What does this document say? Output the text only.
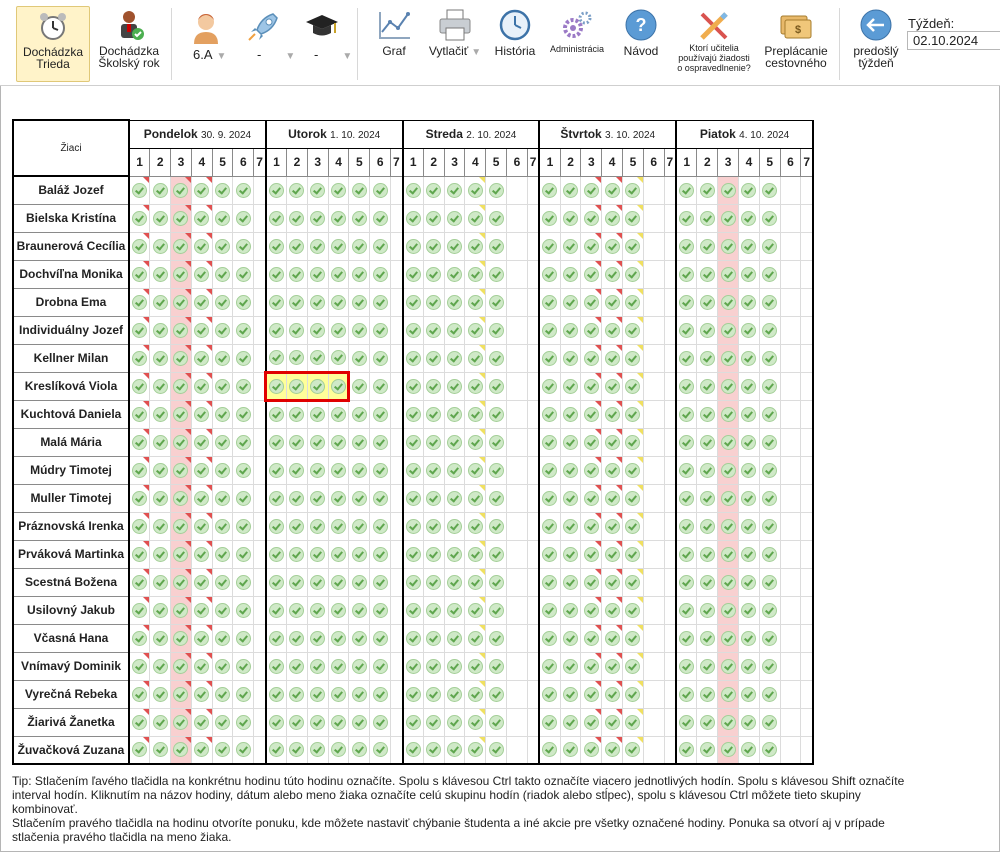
Dochádzka
Trieda
Dochádzka
Školský rok
6.A ▼ - ▼ - ▼	Graf	Vytlačiť ▼ História	Administrácia
?
Návod	Ktorí učitelia
používajú žiadosti
o ospravedlnenie?
$
Preplácanie
cestovného
predošlý
týždeň
Týždeň:
02.10.2024
Žiaci	Pondelok 30. 9. 2024							Utorok 1. 10. 2024							Streda 2. 10. 2024							Štvrtok 3. 10. 2024							Piatok 4. 10. 2024						
	1	2	3	4	5	6	7	1	2	3	4	5	6	7	1	2	3	4	5	6	7	1	2	3	4	5	6	7	1	2	3	4	5	6	7
Baláž Jozef	

Bielska Kristína	

Braunerová Cecília	

Dochvíľna Monika	

Drobna Ema	

Individuálny Jozef	

Kellner Milan	

Kreslíková Viola	

Kuchtová Daniela	

Malá Mária	

Múdry Timotej	

Muller Timotej	

Práznovská Irenka	

Prváková Martinka	

Scestná Božena	

Usilovný Jakub	

Včasná Hana	

Vnímavý Dominik	

Vyrečná Rebeka	

Žiarivá Žanetka	

Žuvačková Zuzana	

Tip: Stlačením ľavého tlačidla na konkrétnu hodinu túto hodinu označíte. Spolu s klávesou Ctrl takto označíte viacero jednotlivých hodín. Spolu s klávesou Shift označíte interval hodín. Kliknutím na názov hodiny, dátum alebo meno žiaka označíte celú skupinu hodín (riadok alebo stĺpec), spolu s klávesou Ctrl môžete tieto skupiny kombinovať.
Stlačením pravého tlačidla na hodinu otvoríte ponuku, kde môžete nastaviť chýbanie študenta a iné akcie pre všetky označené hodiny. Ponuka sa otvorí aj v prípade stlačenia pravého tlačidla na meno žiaka.
